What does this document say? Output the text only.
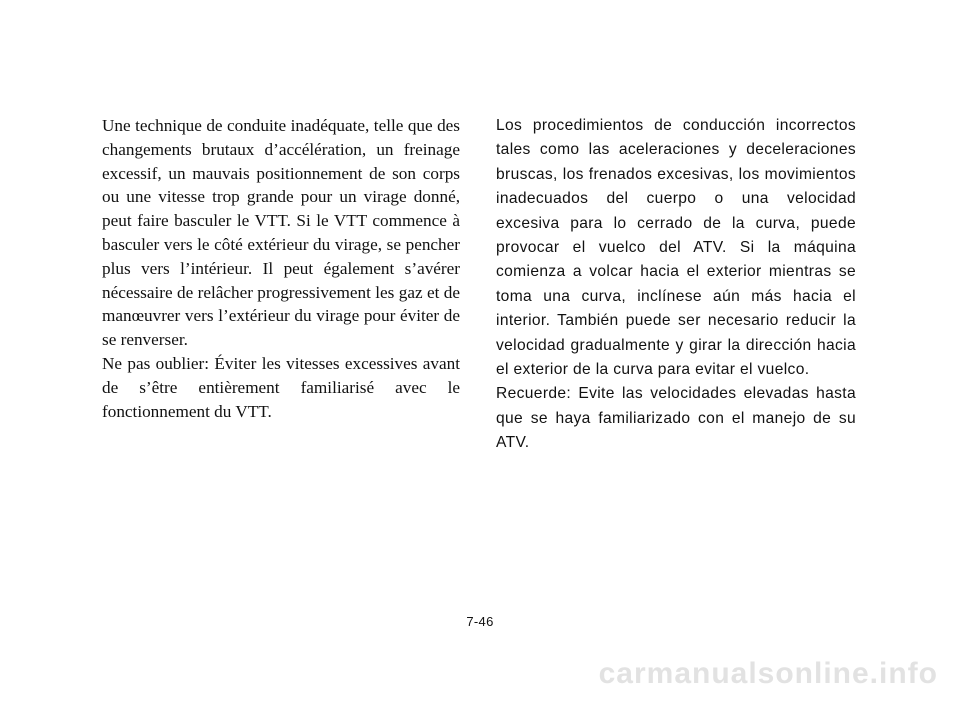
Une technique de conduite inadéquate, telle que des changements brutaux d’accélération, un freinage excessif, un mauvais positionnement de son corps ou une vitesse trop grande pour un virage donné, peut faire basculer le VTT. Si le VTT commence à basculer vers le côté extérieur du virage, se pencher plus vers l’intérieur. Il peut également s’avérer nécessaire de relâcher progressivement les gaz et de manœuvrer vers l’extérieur du virage pour éviter de se renverser.

Ne pas oublier: Éviter les vitesses excessives avant de s’être entièrement familiarisé avec le fonctionnement du VTT.

Los procedimientos de conducción incorrectos tales como las aceleraciones y deceleraciones bruscas, los frenados excesivas, los movimientos inadecuados del cuerpo o una velocidad excesiva para lo cerrado de la curva, puede provocar el vuelco del ATV. Si la máquina comienza a volcar hacia el exterior mientras se toma una curva, inclínese aún más hacia el interior. También puede ser necesario reducir la velocidad gradualmente y girar la dirección hacia el exterior de la curva para evitar el vuelco.

Recuerde: Evite las velocidades elevadas hasta que se haya familiarizado con el manejo de su ATV.

7-46
carmanualsonline.info
